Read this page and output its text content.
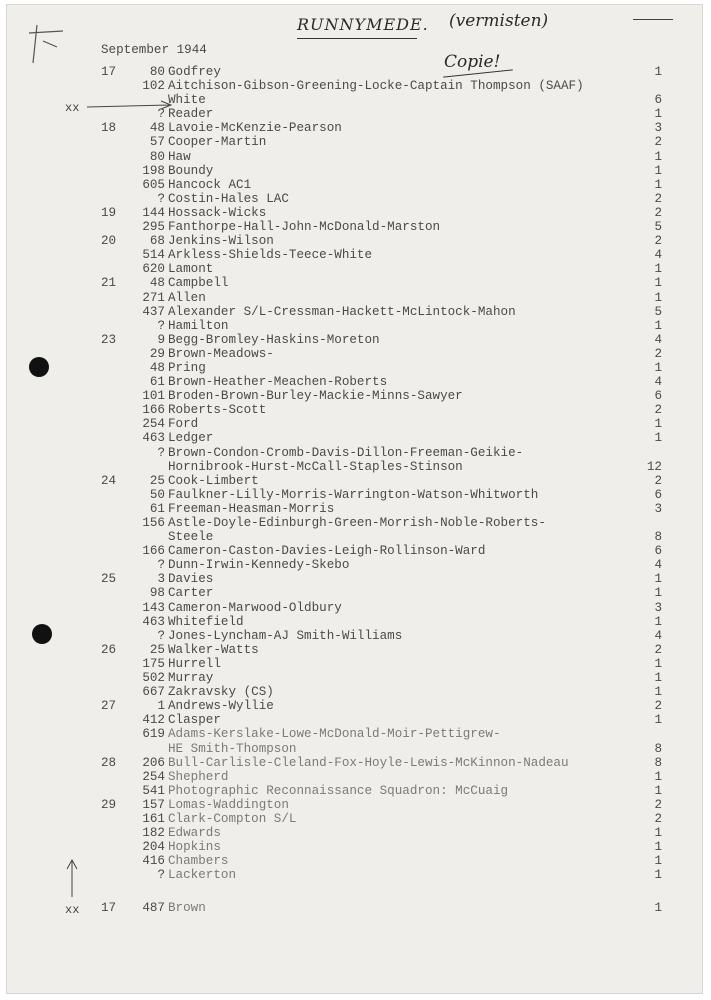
RUNNYMEDE. (vermisten)
Copie!
September 1944
xx
xx
17	80 Godfrey	1
102 Aitchison-Gibson-Greening-Locke-Captain Thompson (SAAF)
White	6
? Reader	1
18	48 Lavoie-McKenzie-Pearson	3
57 Cooper-Martin	2
80 Haw	1
198 Boundy	1
605 Hancock AC1	1
? Costin-Hales LAC	2
19	144 Hossack-Wicks	2
295 Fanthorpe-Hall-John-McDonald-Marston	5
20	68 Jenkins-Wilson	2
514 Arkless-Shields-Teece-White	4
620 Lamont	1
21	48 Campbell	1
271 Allen	1
437 Alexander S/L-Cressman-Hackett-McLintock-Mahon	5
? Hamilton	1
23	9 Begg-Bromley-Haskins-Moreton	4
29 Brown-Meadows-	2
48 Pring	1
61 Brown-Heather-Meachen-Roberts	4
101 Broden-Brown-Burley-Mackie-Minns-Sawyer	6
166 Roberts-Scott	2
254 Ford	1
463 Ledger	1
? Brown-Condon-Cromb-Davis-Dillon-Freeman-Geikie-
Hornibrook-Hurst-McCall-Staples-Stinson	12
24	25 Cook-Limbert	2
50 Faulkner-Lilly-Morris-Warrington-Watson-Whitworth	6
61 Freeman-Heasman-Morris	3
156 Astle-Doyle-Edinburgh-Green-Morrish-Noble-Roberts-
Steele	8
166 Cameron-Caston-Davies-Leigh-Rollinson-Ward	6
? Dunn-Irwin-Kennedy-Skebo	4
25	3 Davies	1
98 Carter	1
143 Cameron-Marwood-Oldbury	3
463 Whitefield	1
? Jones-Lyncham-AJ Smith-Williams	4
26	25 Walker-Watts	2
175 Hurrell	1
502 Murray	1
667 Zakravsky (CS)	1
27	1 Andrews-Wyllie	2
412 Clasper	1
619 Adams-Kerslake-Lowe-McDonald-Moir-Pettigrew-
HE Smith-Thompson	8
28	206 Bull-Carlisle-Cleland-Fox-Hoyle-Lewis-McKinnon-Nadeau	8
254 Shepherd	1
541 Photographic Reconnaissance Squadron: McCuaig	1
29	157 Lomas-Waddington	2
161 Clark-Compton S/L	2
182 Edwards	1
204 Hopkins	1
416 Chambers	1
? Lackerton	1
17	487 Brown	1
